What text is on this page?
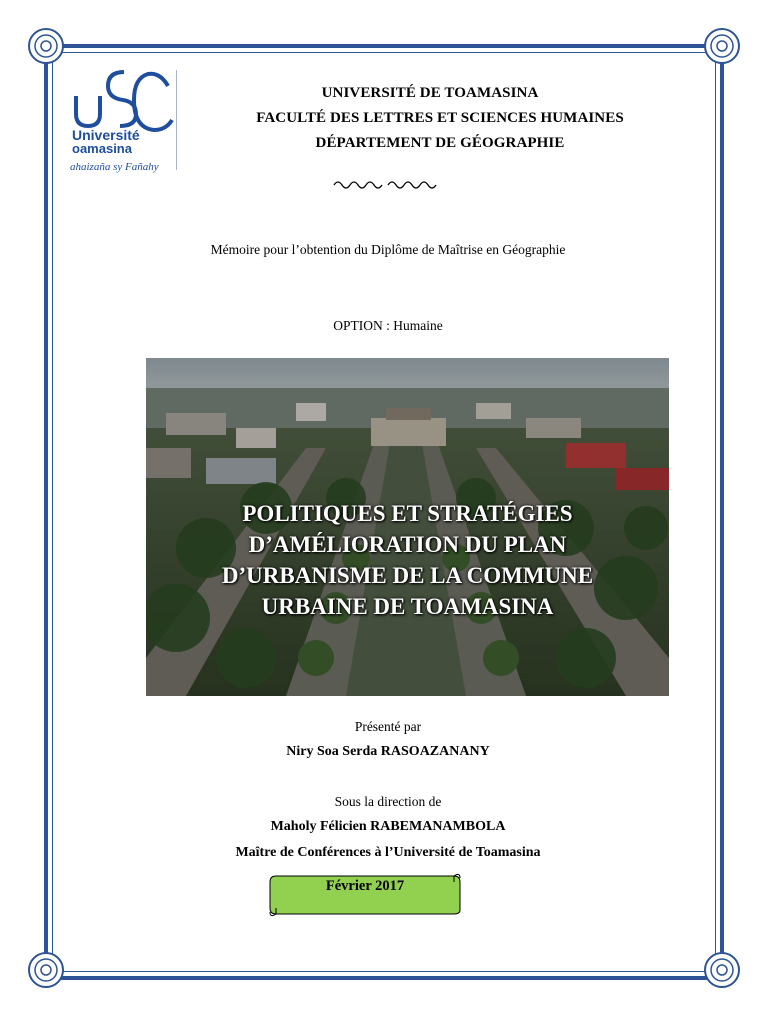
Université
oamasina
ahaizaña sy Fañahy
UNIVERSITÉ DE TOAMASINA
FACULTÉ DES LETTRES ET SCIENCES HUMAINES
DÉPARTEMENT DE GÉOGRAPHIE
Mémoire pour l’obtention du Diplôme de Maîtrise en Géographie
OPTION : Humaine
POLITIQUES ET STRATÉGIES
D’AMÉLIORATION DU PLAN
D’URBANISME DE LA COMMUNE
URBAINE DE TOAMASINA
Présenté par
Niry Soa Serda RASOAZANANY
Sous la direction de
Maholy Félicien RABEMANAMBOLA
Maître de Conférences à l’Université de Toamasina
Février 2017
